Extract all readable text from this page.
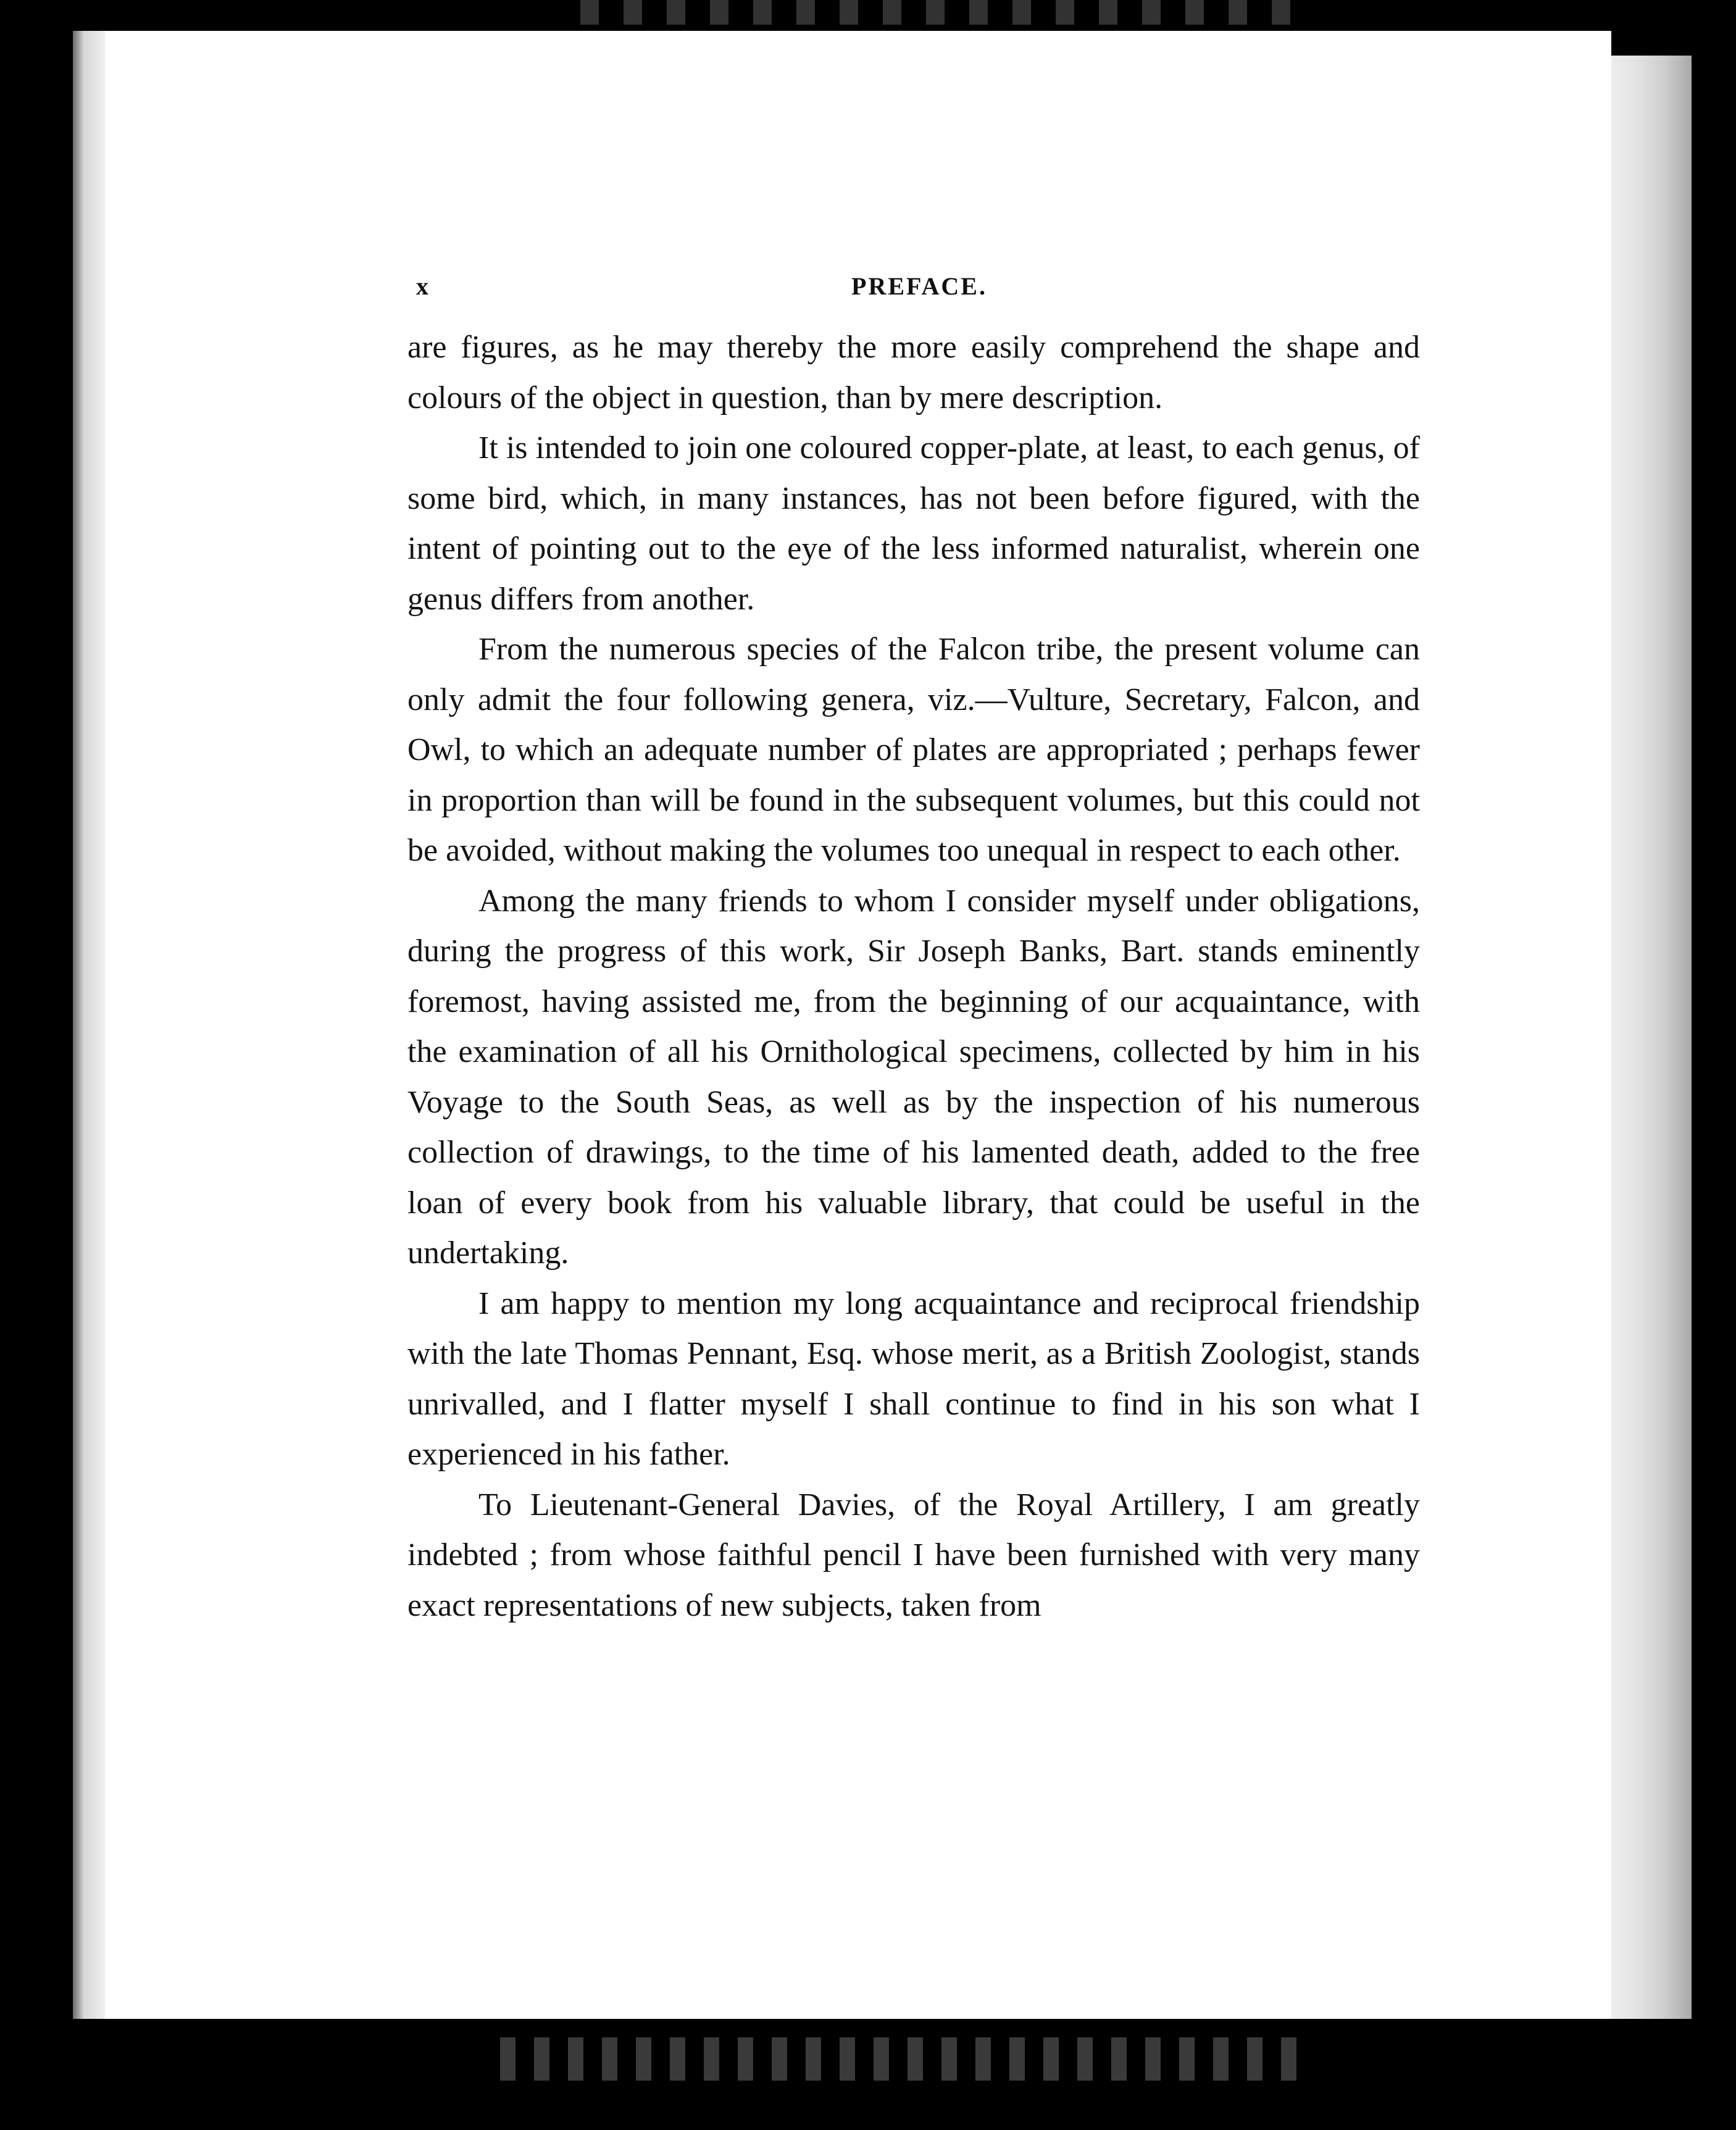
x	PREFACE.

are figures, as he may thereby the more easily comprehend the shape and colours of the object in question, than by mere description.

It is intended to join one coloured copper-plate, at least, to each genus, of some bird, which, in many instances, has not been before figured, with the intent of pointing out to the eye of the less informed naturalist, wherein one genus differs from another.

From the numerous species of the Falcon tribe, the present volume can only admit the four following genera, viz.—Vulture, Secretary, Falcon, and Owl, to which an adequate number of plates are appropriated ; perhaps fewer in proportion than will be found in the subsequent volumes, but this could not be avoided, without making the volumes too unequal in respect to each other.

Among the many friends to whom I consider myself under obligations, during the progress of this work, Sir Joseph Banks, Bart. stands eminently foremost, having assisted me, from the beginning of our acquaintance, with the examination of all his Ornithological specimens, collected by him in his Voyage to the South Seas, as well as by the inspection of his numerous collection of drawings, to the time of his lamented death, added to the free loan of every book from his valuable library, that could be useful in the undertaking.

I am happy to mention my long acquaintance and reciprocal friendship with the late Thomas Pennant, Esq. whose merit, as a British Zoologist, stands unrivalled, and I flatter myself I shall continue to find in his son what I experienced in his father.

To Lieutenant-General Davies, of the Royal Artillery, I am greatly indebted ; from whose faithful pencil I have been furnished with very many exact representations of new subjects, taken from
